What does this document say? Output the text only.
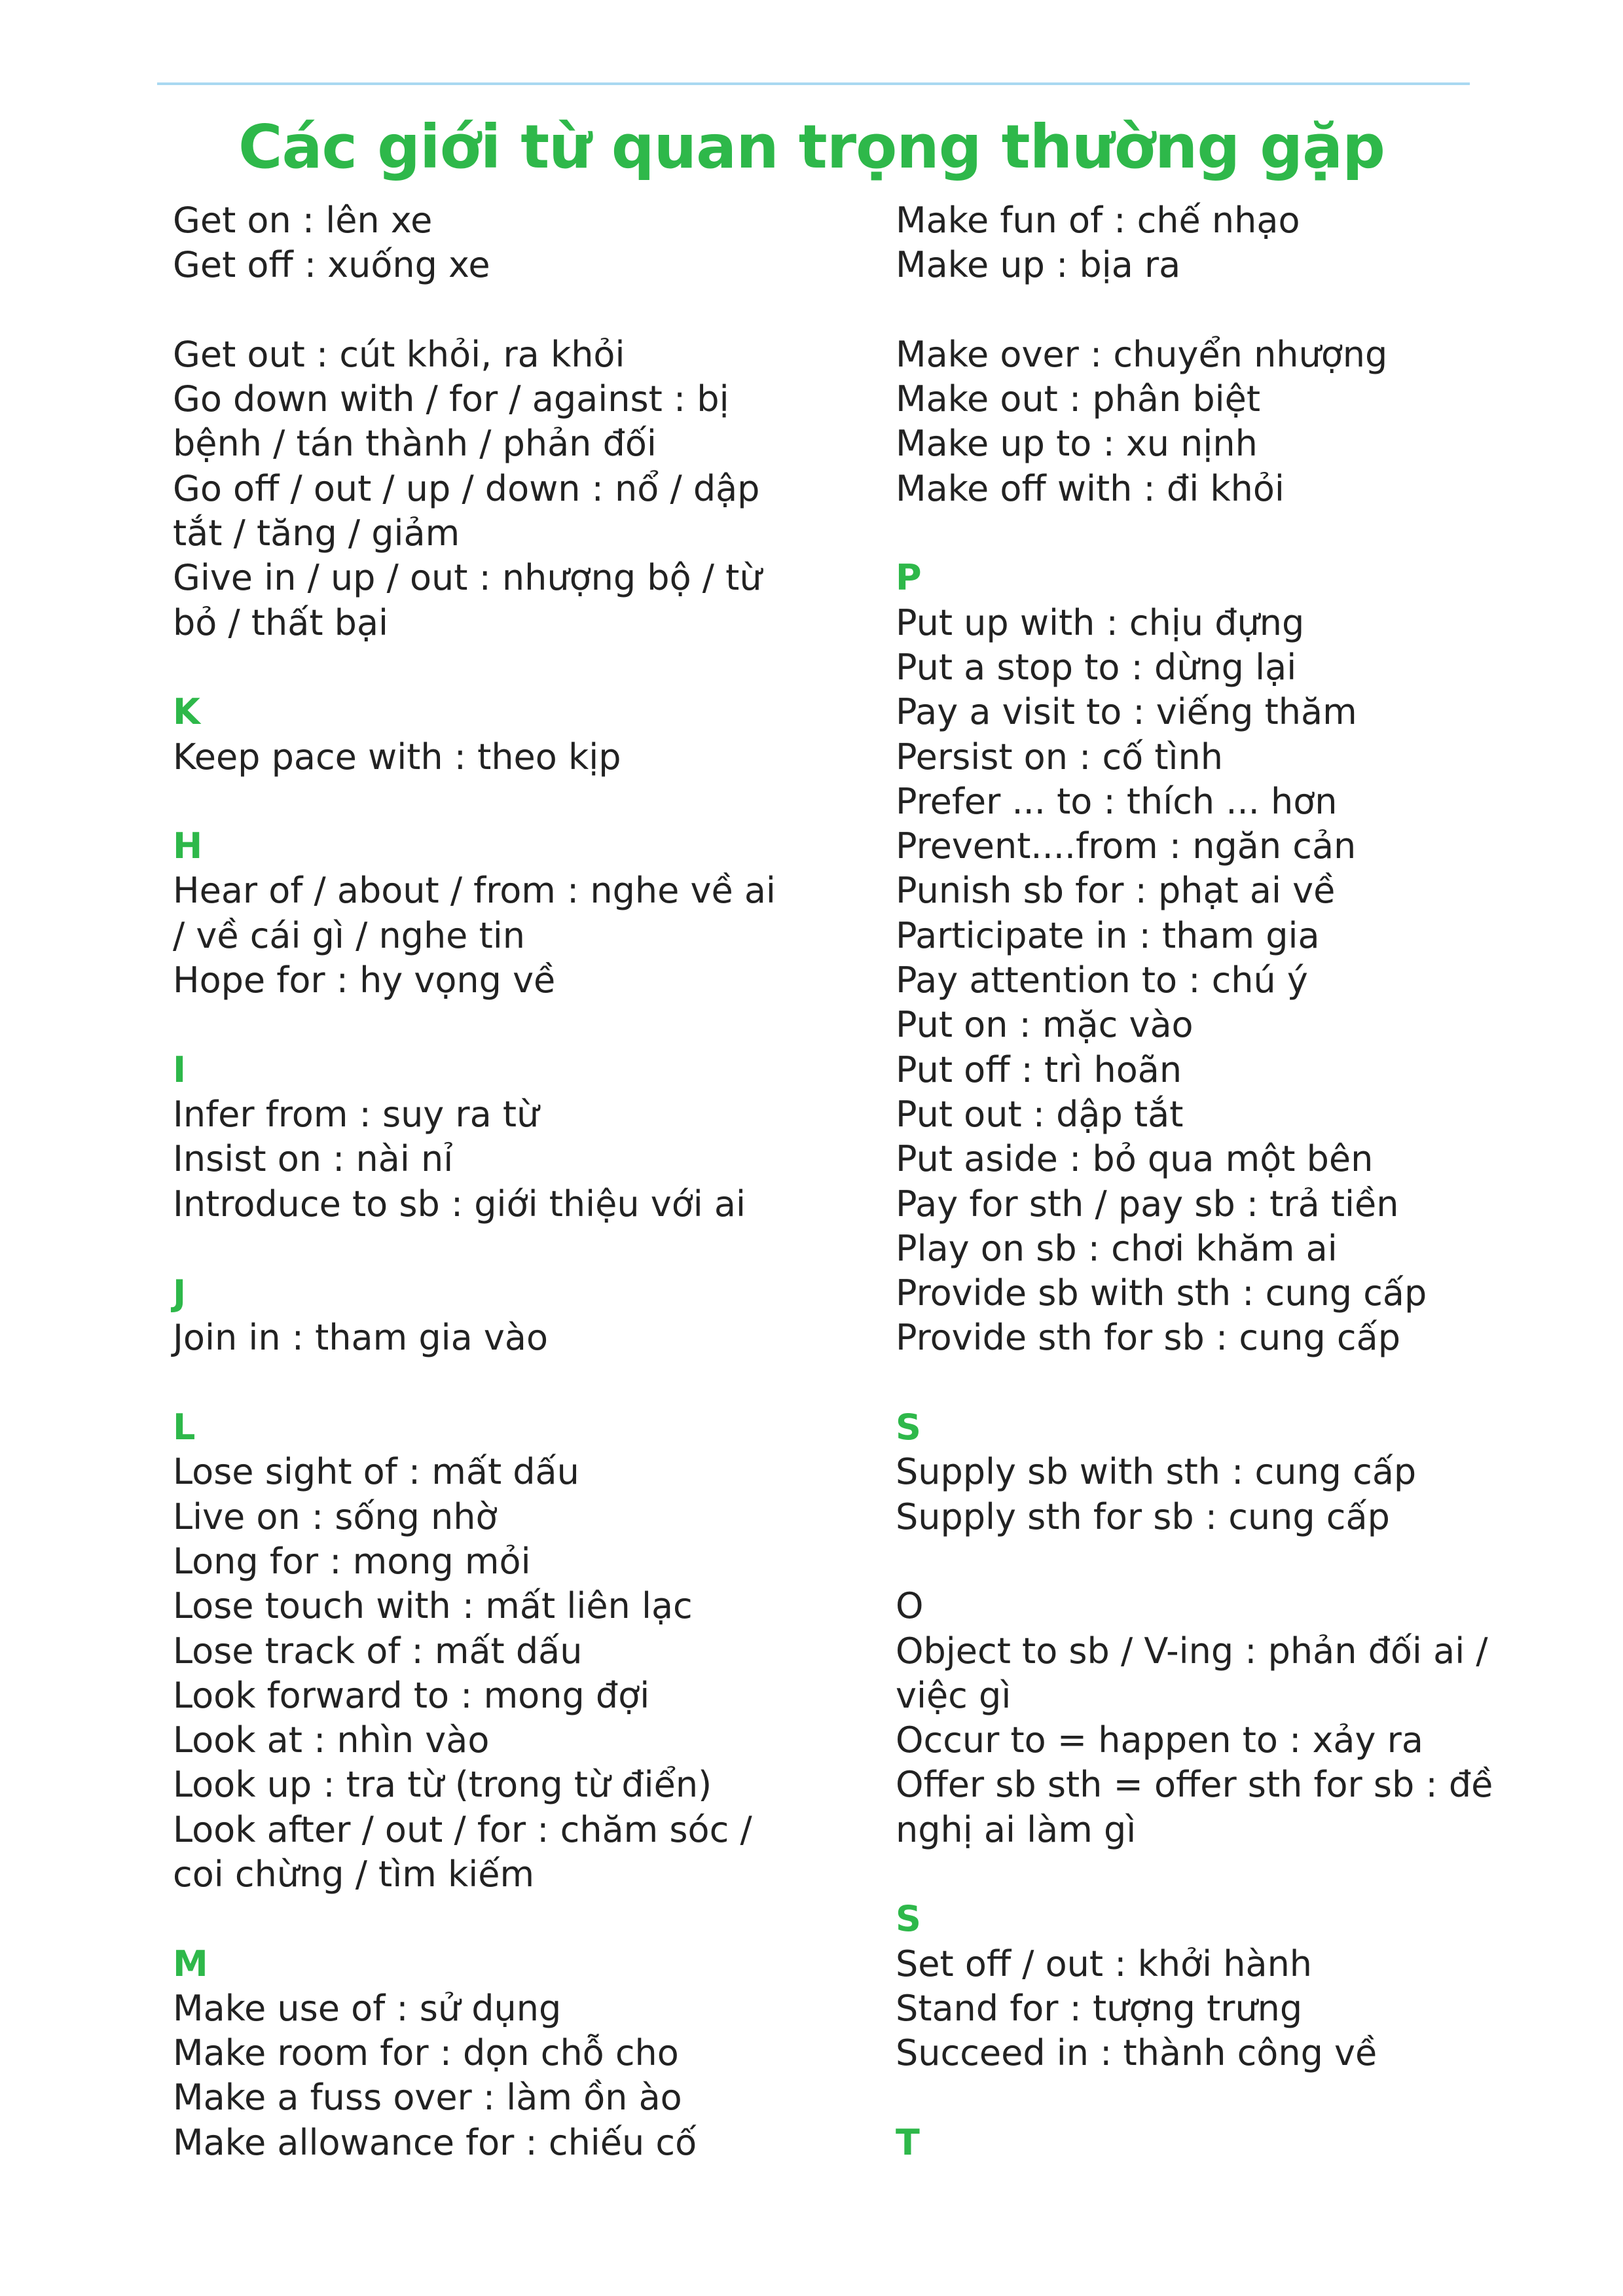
Các giới từ quan trọng thường gặp
Get on : lên xe
Get off : xuống xe
Get out : cút khỏi, ra khỏi
Go down with / for / against : bị
bệnh / tán thành / phản đối
Go off / out / up / down : nổ / dập
tắt / tăng / giảm
Give in / up / out : nhượng bộ / từ
bỏ / thất bại
K
Keep pace with : theo kịp
H
Hear of / about / from : nghe về ai
/ về cái gì / nghe tin
Hope for : hy vọng về
I
Infer from : suy ra từ
Insist on : nài nỉ
Introduce to sb : giới thiệu với ai
J
Join in : tham gia vào
L
Lose sight of : mất dấu
Live on : sống nhờ
Long for : mong mỏi
Lose touch with : mất liên lạc
Lose track of : mất dấu
Look forward to : mong đợi
Look at : nhìn vào
Look up : tra từ (trong từ điển)
Look after / out / for : chăm sóc /
coi chừng / tìm kiếm
M
Make use of : sử dụng
Make room for : dọn chỗ cho
Make a fuss over : làm ồn ào
Make allowance for : chiếu cố
Make fun of : chế nhạo
Make up : bịa ra
Make over : chuyển nhượng
Make out : phân biệt
Make up to : xu nịnh
Make off with : đi khỏi
P
Put up with : chịu đựng
Put a stop to : dừng lại
Pay a visit to : viếng thăm
Persist on : cố tình
Prefer ... to : thích ... hơn
Prevent....from : ngăn cản
Punish sb for : phạt ai về
Participate in : tham gia
Pay attention to : chú ý
Put on : mặc vào
Put off : trì hoãn
Put out : dập tắt
Put aside : bỏ qua một bên
Pay for sth / pay sb : trả tiền
Play on sb : chơi khăm ai
Provide sb with sth : cung cấp
Provide sth for sb : cung cấp
S
Supply sb with sth : cung cấp
Supply sth for sb : cung cấp
O
Object to sb / V-ing : phản đối ai /
việc gì
Occur to = happen to : xảy ra
Offer sb sth = offer sth for sb : đề
nghị ai làm gì
S
Set off / out : khởi hành
Stand for : tượng trưng
Succeed in : thành công về
T
